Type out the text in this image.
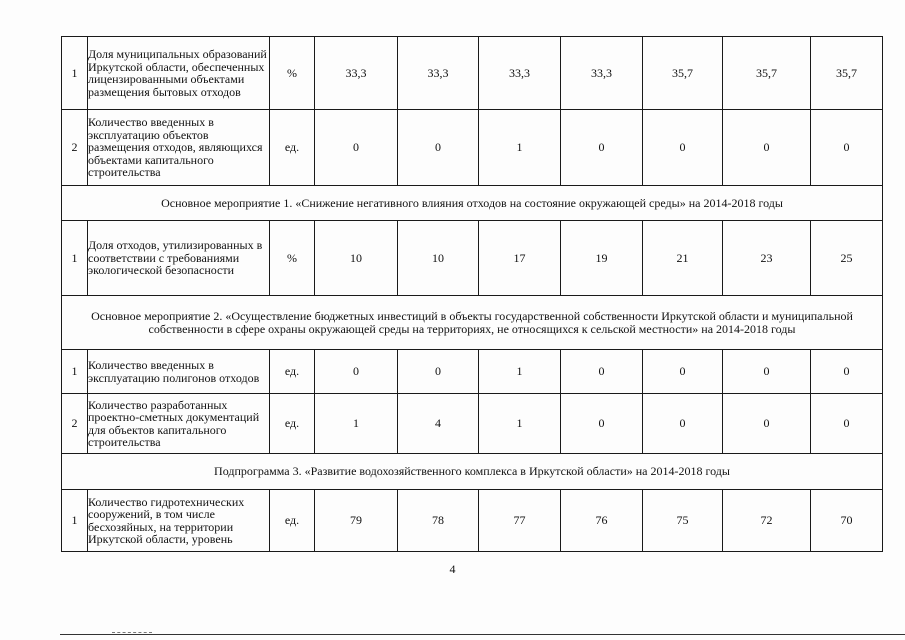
1	Доля муниципальных образований Иркутской области, обеспеченных лицензированными объектами размещения бытовых отходов	%	33,3	33,3	33,3	33,3	35,7	35,7	35,7
2	Количество введенных в эксплуатацию объектов размещения отходов, являющихся объектами капитального строительства	ед.	0	0	1	0	0	0	0
Основное мероприятие 1. «Снижение негативного влияния отходов на состояние окружающей среды» на 2014-2018 годы									
1	Доля отходов, утилизированных в соответствии с требованиями экологической безопасности	%	10	10	17	19	21	23	25
Основное мероприятие 2. «Осуществление бюджетных инвестиций в объекты государственной собственности Иркутской области и муниципальной собственности в сфере охраны окружающей среды на территориях, не относящихся к сельской местности» на 2014-2018 годы									
1	Количество введенных в эксплуатацию полигонов отходов	ед.	0	0	1	0	0	0	0
2	Количество разработанных проектно-сметных документаций для объектов капитального строительства	ед.	1	4	1	0	0	0	0
Подпрограмма 3. «Развитие водохозяйственного комплекса в Иркутской области» на 2014-2018 годы									
1	Количество гидротехнических сооружений, в том числе бесхозяйных, на территории Иркутской области, уровень	ед.	79	78	77	76	75	72	70
4
